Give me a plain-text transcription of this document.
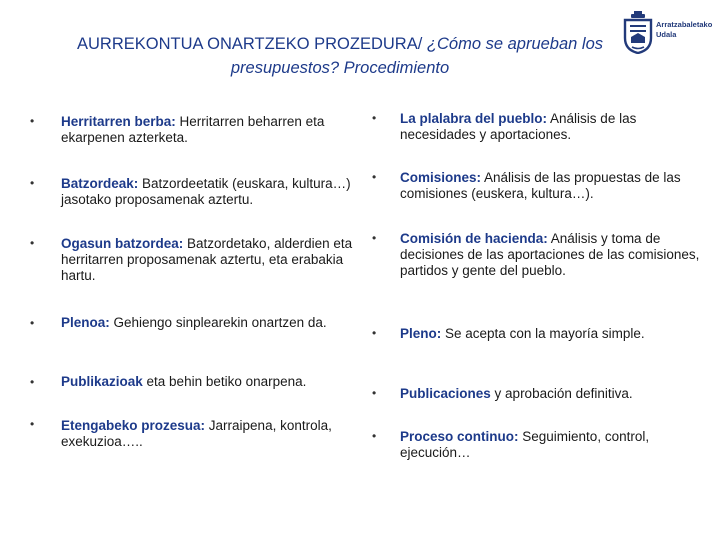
AURREKONTUA ONARTZEKO PROZEDURA/ ¿Cómo se aprueban los
presupuestos? Procedimiento
Arratzabaletako
Udala
• Herritarren berba: Herritarren beharren eta ekarpenen azterketa.
• Batzordeak: Batzordeetatik (euskara, kultura…) jasotako proposamenak aztertu.
• Ogasun batzordea: Batzordetako, alderdien eta herritarren proposamenak aztertu, eta erabakia hartu.
• Plenoa: Gehiengo sinplearekin onartzen da.
• Publikazioak eta behin betiko onarpena.
• Etengabeko prozesua: Jarraipena, kontrola, exekuzioa…..
• La plalabra del pueblo: Análisis de las necesidades y aportaciones.
• Comisiones: Análisis de las propuestas de las comisiones (euskera, kultura…).
• Comisión de hacienda: Análisis y toma de decisiones de las aportaciones de las comisiones, partidos y gente del pueblo.
• Pleno: Se acepta con la mayoría simple.
• Publicaciones y aprobación definitiva.
• Proceso continuo: Seguimiento, control, ejecución…
